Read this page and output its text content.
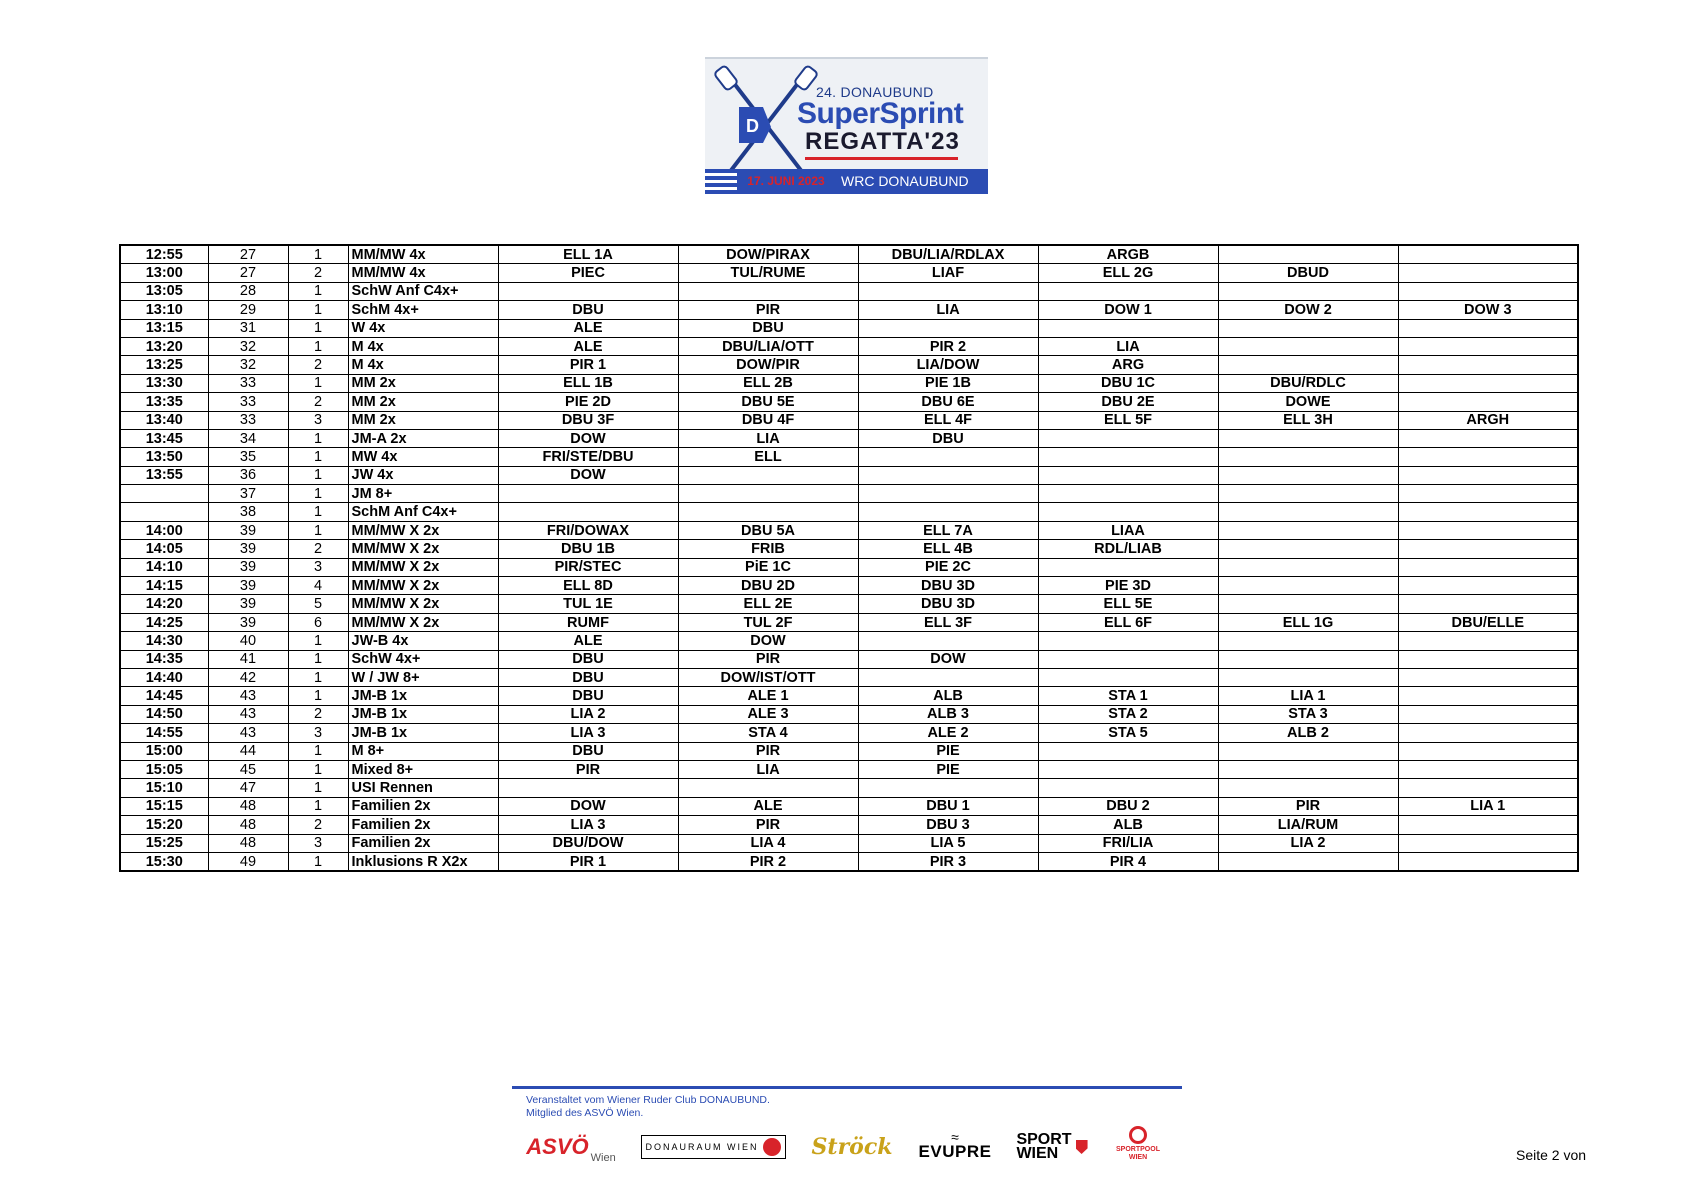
D
24. DONAUBUND
SuperSprint
REGATTA'23
17. JUNI 2023	WRC DONAUBUND
12:55	27	1	MM/MW 4x	ELL 1A	DOW/PIRAX	DBU/LIA/RDLAX	ARGB		
13:00	27	2	MM/MW 4x	PIEC	TUL/RUME	LIAF	ELL 2G	DBUD	
13:05	28	1	SchW Anf C4x+						
13:10	29	1	SchM 4x+	DBU	PIR	LIA	DOW 1	DOW 2	DOW 3
13:15	31	1	W 4x	ALE	DBU				
13:20	32	1	M 4x	ALE	DBU/LIA/OTT	PIR 2	LIA		
13:25	32	2	M 4x	PIR 1	DOW/PIR	LIA/DOW	ARG		
13:30	33	1	MM 2x	ELL 1B	ELL 2B	PIE 1B	DBU 1C	DBU/RDLC	
13:35	33	2	MM 2x	PIE 2D	DBU 5E	DBU 6E	DBU 2E	DOWE	
13:40	33	3	MM 2x	DBU 3F	DBU 4F	ELL 4F	ELL 5F	ELL 3H	ARGH
13:45	34	1	JM-A 2x	DOW	LIA	DBU			
13:50	35	1	MW 4x	FRI/STE/DBU	ELL				
13:55	36	1	JW 4x	DOW					
	37	1	JM 8+						
	38	1	SchM Anf C4x+						
14:00	39	1	MM/MW X 2x	FRI/DOWAX	DBU 5A	ELL 7A	LIAA		
14:05	39	2	MM/MW X 2x	DBU 1B	FRIB	ELL 4B	RDL/LIAB		
14:10	39	3	MM/MW X 2x	PIR/STEC	PiE 1C	PIE 2C			
14:15	39	4	MM/MW X 2x	ELL 8D	DBU 2D	DBU 3D	PIE 3D		
14:20	39	5	MM/MW X 2x	TUL 1E	ELL 2E	DBU 3D	ELL 5E		
14:25	39	6	MM/MW X 2x	RUMF	TUL 2F	ELL 3F	ELL 6F	ELL 1G	DBU/ELLE
14:30	40	1	JW-B 4x	ALE	DOW				
14:35	41	1	SchW 4x+	DBU	PIR	DOW			
14:40	42	1	W / JW 8+	DBU	DOW/IST/OTT				
14:45	43	1	JM-B 1x	DBU	ALE 1	ALB	STA 1	LIA 1	
14:50	43	2	JM-B 1x	LIA 2	ALE 3	ALB 3	STA 2	STA 3	
14:55	43	3	JM-B 1x	LIA 3	STA 4	ALE 2	STA 5	ALB 2	
15:00	44	1	M 8+	DBU	PIR	PIE			
15:05	45	1	Mixed 8+	PIR	LIA	PIE			
15:10	47	1	USI Rennen						
15:15	48	1	Familien 2x	DOW	ALE	DBU 1	DBU 2	PIR	LIA 1
15:20	48	2	Familien 2x	LIA 3	PIR	DBU 3	ALB	LIA/RUM	
15:25	48	3	Familien 2x	DBU/DOW	LIA 4	LIA 5	FRI/LIA	LIA 2	
15:30	49	1	Inklusions R X2x	PIR 1	PIR 2	PIR 3	PIR 4		
Veranstaltet vom Wiener Ruder Club DONAUBUND.
Mitglied des ASVÖ Wien.
ASVÖ Wien
DONAURAUM WIEN Ströck	≈
EVUPRE
SPORT
WIEN	SPORTPOOL
WIEN	Seite 2 von
